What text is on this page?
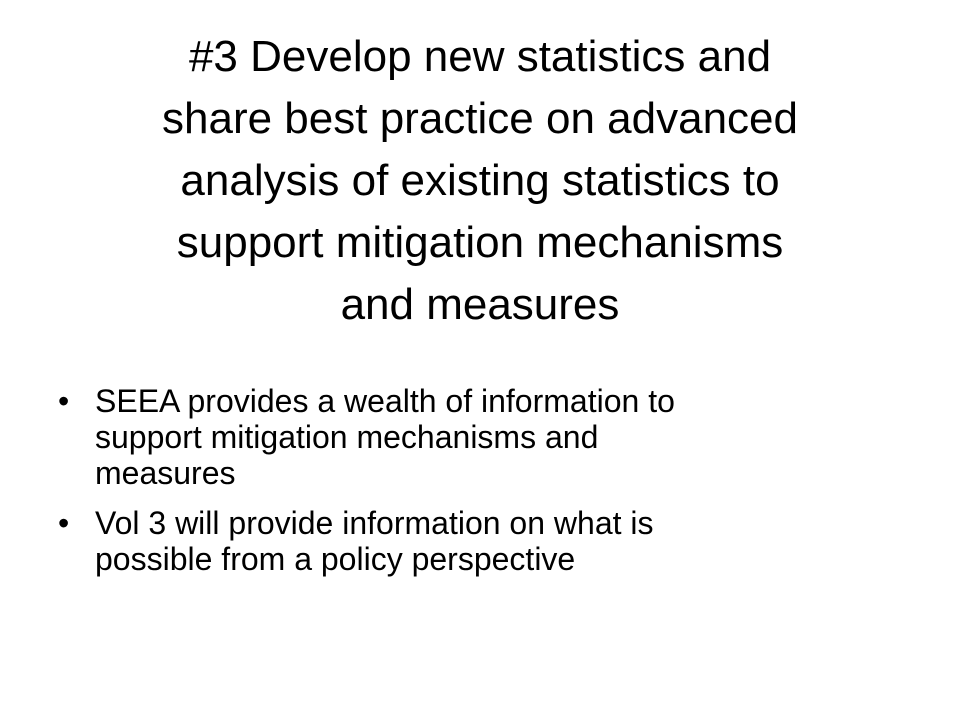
#3 Develop new statistics and
share best practice on advanced
analysis of existing statistics to
support mitigation mechanisms
and measures
• SEEA provides a wealth of information to
support mitigation mechanisms and
measures
• Vol 3 will provide information on what is
possible from a policy perspective
